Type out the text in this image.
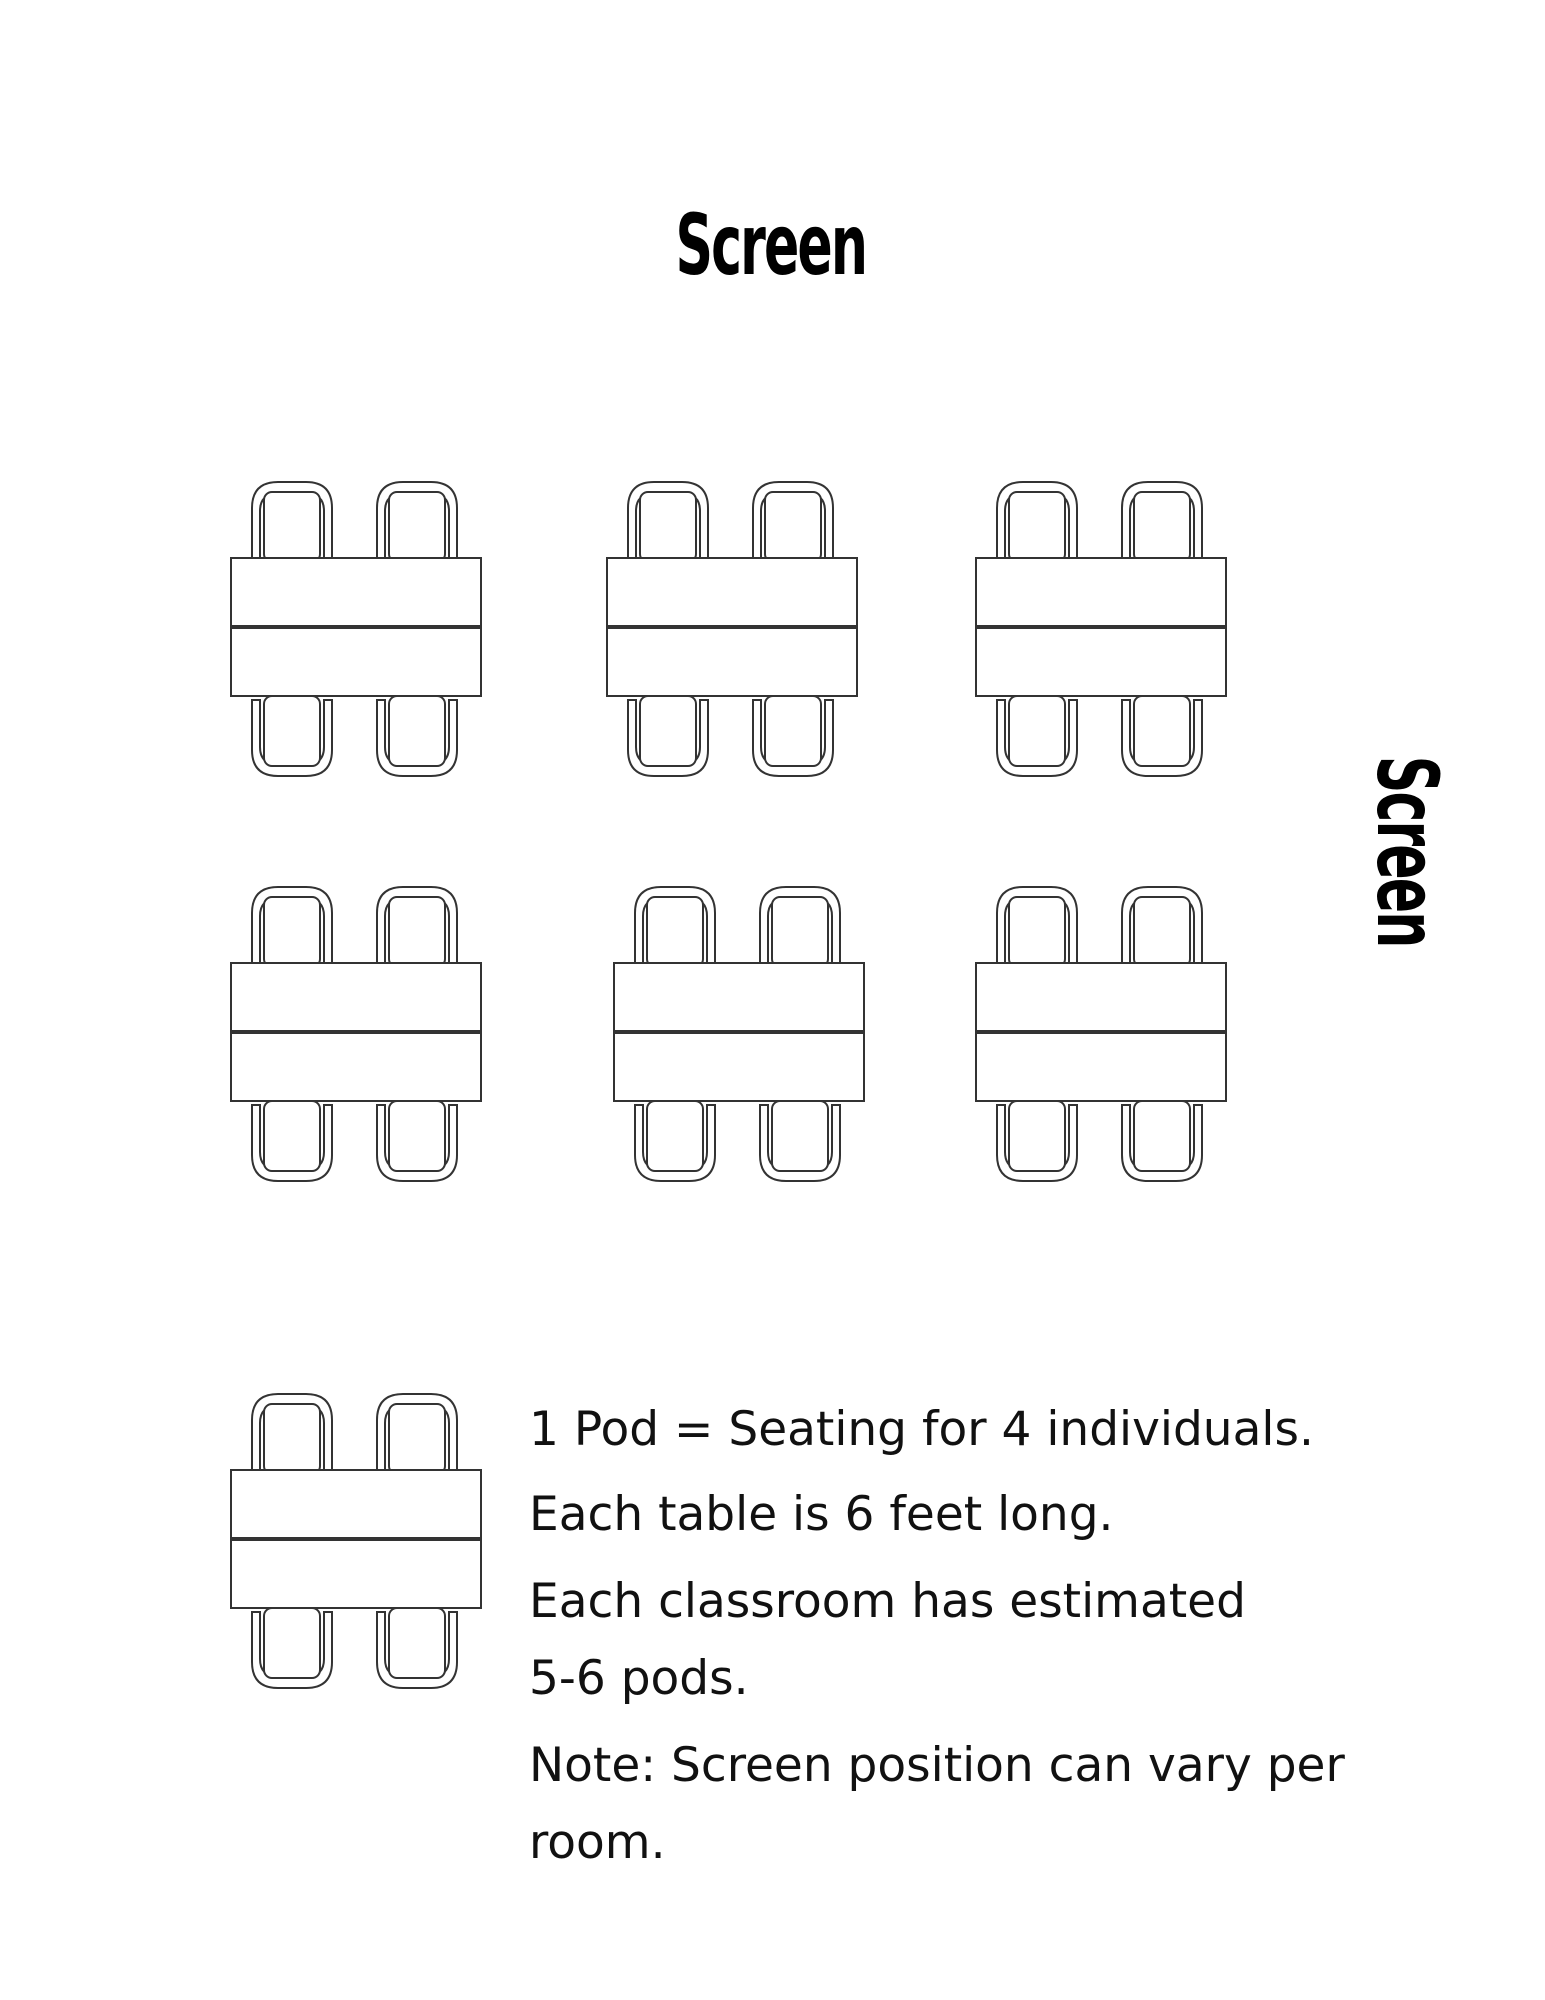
Screen
Screen
1 Pod = Seating for 4 individuals.
Each table is 6 feet long.
Each classroom has estimated
5-6 pods.
Note: Screen position can vary per
room.
